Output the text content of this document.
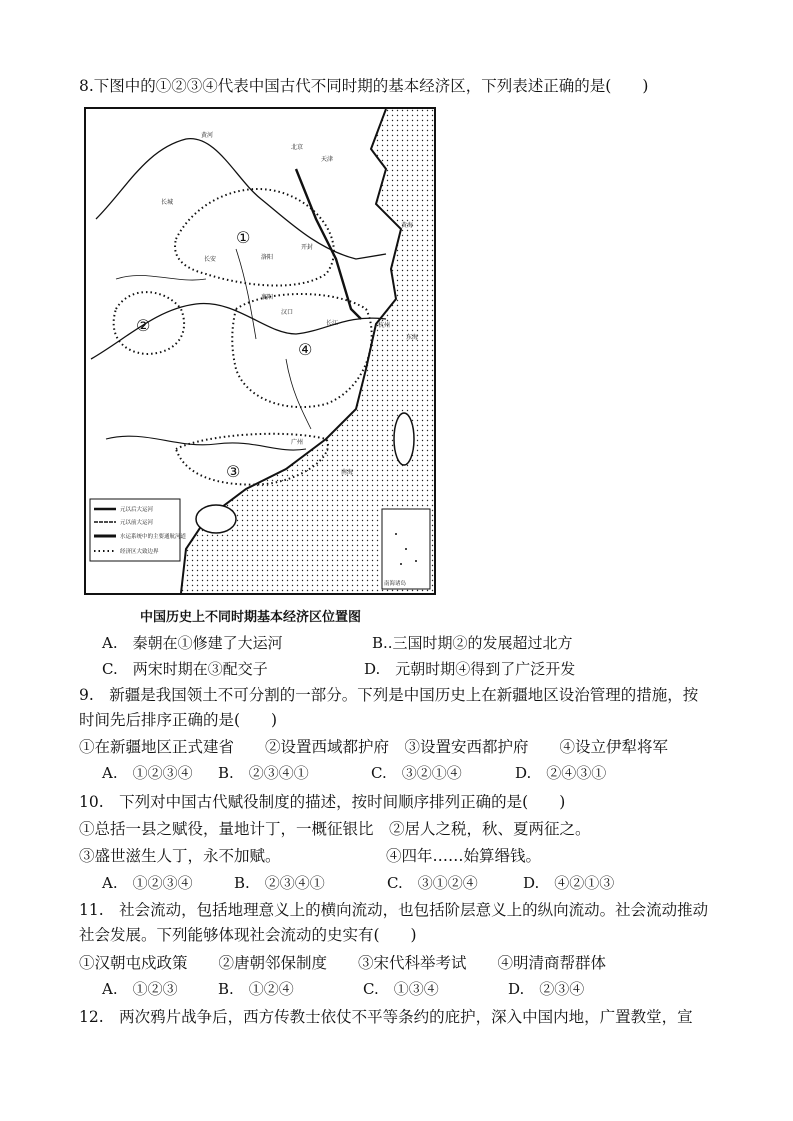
8.下图中的①②③④代表中国古代不同时期的基本经济区，下列表述正确的是(　　)
①
②
③
④
黄河
长城
北京
天津
洛阳
长安
开封
襄阳
汉口
长江	杭州
东海
南海
广州
黄海
元以后大运河
元以前大运河
水运系统中的主要通航河道
经济区大致边界
南海诸岛
中国历史上不同时期基本经济区位置图
A.　秦朝在①修建了大运河	B..三国时期②的发展超过北方
C.　两宋时期在③配交子	D.　元朝时期④得到了广泛开发
9.　新疆是我国领土不可分割的一部分。下列是中国历史上在新疆地区设治管理的措施，按
时间先后排序正确的是(　　)
①在新疆地区正式建省　　②设置西域都护府　③设置安西都护府　　④设立伊犁将军
A.　①②③④ B.　②③④①	C.　③②①④	D.　②④③①
10.　下列对中国古代赋役制度的描述，按时间顺序排列正确的是(　　)
①总括一县之赋役，量地计丁，一概征银比　②居人之税，秋、夏两征之。
③盛世滋生人丁，永不加赋。	④四年……始算缗钱。
A.　①②③④	B.　②③④①	C.　③①②④	D.　④②①③
11.　社会流动，包括地理意义上的横向流动，也包括阶层意义上的纵向流动。社会流动推动
社会发展。下列能够体现社会流动的史实有(　　)
①汉朝屯戍政策　　②唐朝邻保制度　　③宋代科举考试　　④明清商帮群体
A.　①②③	B.　①②④	C.　①③④	D.　②③④
12.　两次鸦片战争后，西方传教士依仗不平等条约的庇护，深入中国内地，广置教堂，宣
